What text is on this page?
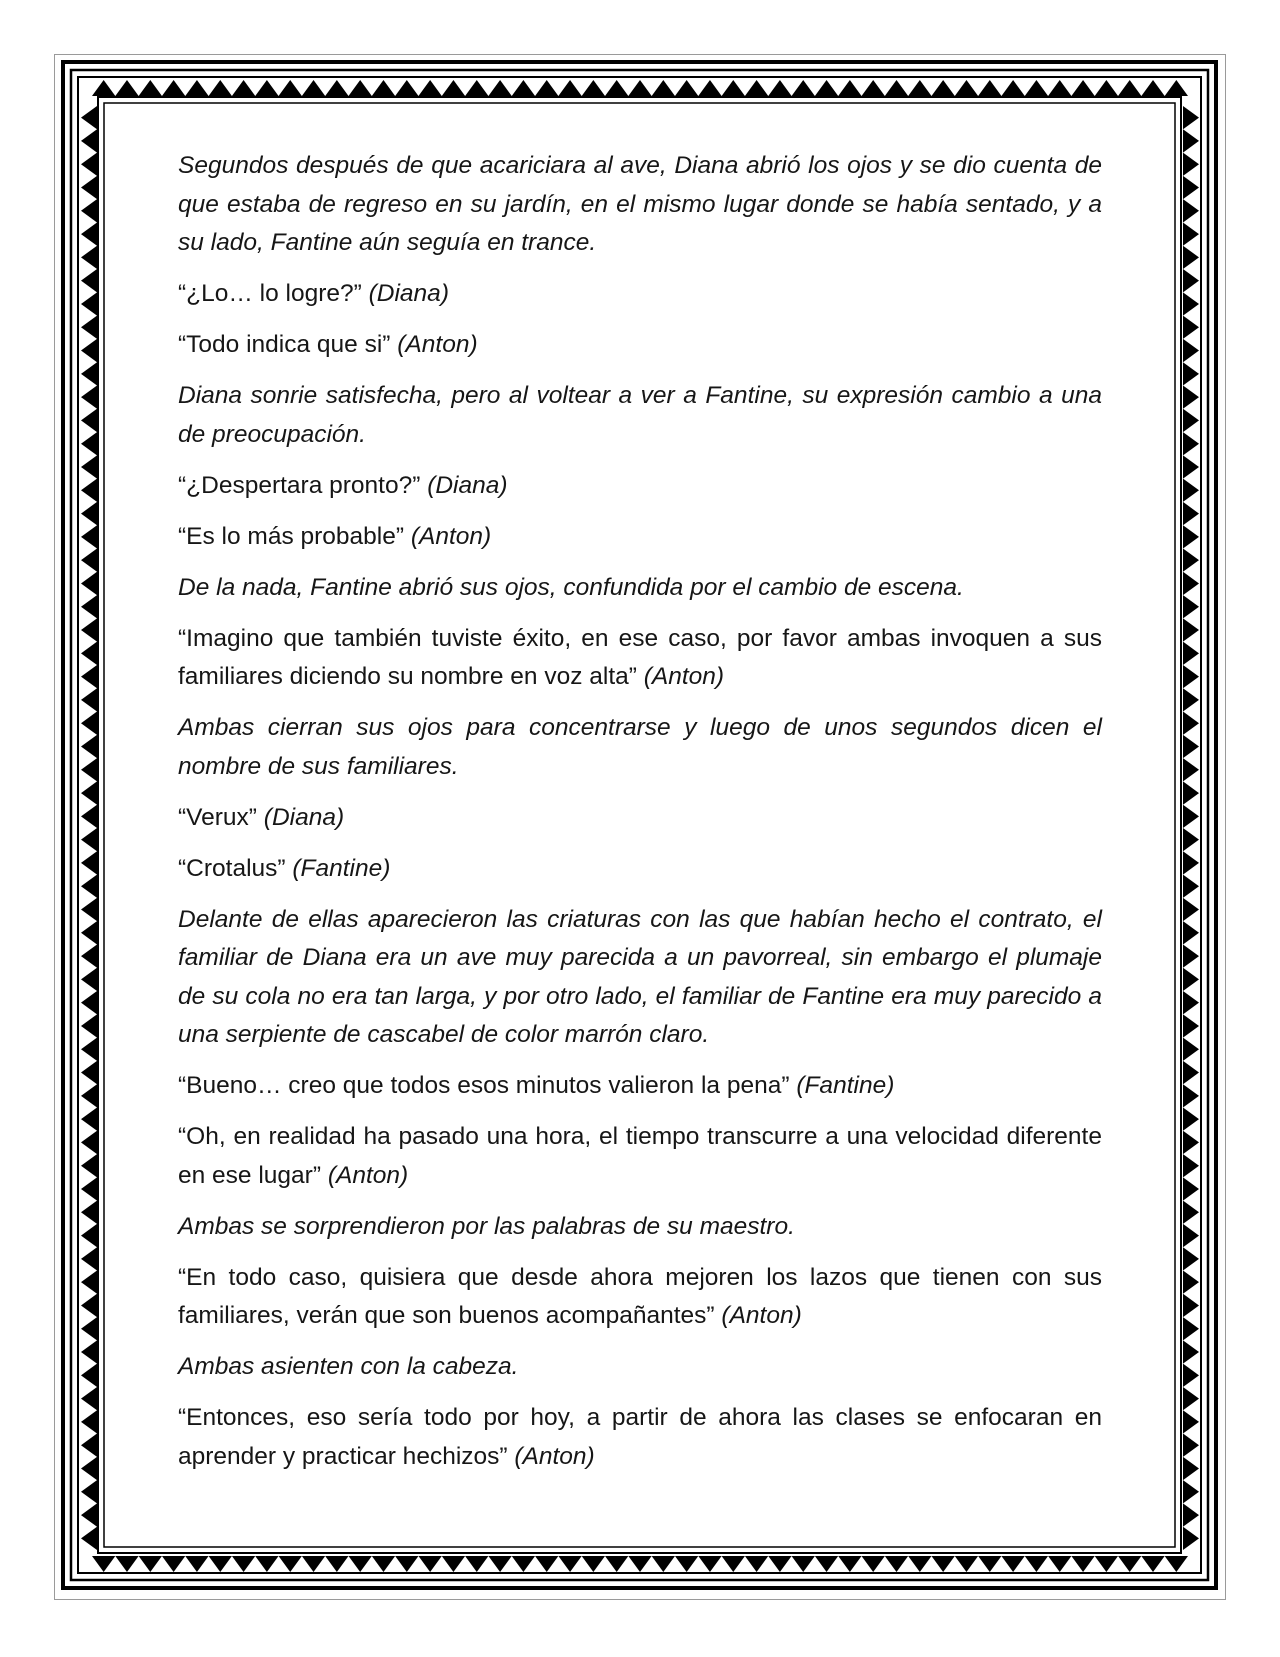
Segundos después de que acariciara al ave, Diana abrió los ojos y se dio cuenta de que estaba de regreso en su jardín, en el mismo lugar donde se había sentado, y a su lado, Fantine aún seguía en trance.

“¿Lo… lo logre?” (Diana)

“Todo indica que si” (Anton)

Diana sonrie satisfecha, pero al voltear a ver a Fantine, su expresión cambio a una de preocupación.

“¿Despertara pronto?” (Diana)

“Es lo más probable” (Anton)

De la nada, Fantine abrió sus ojos, confundida por el cambio de escena.

“Imagino que también tuviste éxito, en ese caso, por favor ambas invoquen a sus familiares diciendo su nombre en voz alta” (Anton)

Ambas cierran sus ojos para concentrarse y luego de unos segundos dicen el nombre de sus familiares.

“Verux” (Diana)

“Crotalus” (Fantine)

Delante de ellas aparecieron las criaturas con las que habían hecho el contrato, el familiar de Diana era un ave muy parecida a un pavorreal, sin embargo el plumaje de su cola no era tan larga, y por otro lado, el familiar de Fantine era muy parecido a una serpiente de cascabel de color marrón claro.

“Bueno… creo que todos esos minutos valieron la pena” (Fantine)

“Oh, en realidad ha pasado una hora, el tiempo transcurre a una velocidad diferente en ese lugar” (Anton)

Ambas se sorprendieron por las palabras de su maestro.

“En todo caso, quisiera que desde ahora mejoren los lazos que tienen con sus familiares, verán que son buenos acompañantes” (Anton)

Ambas asienten con la cabeza.

“Entonces, eso sería todo por hoy, a partir de ahora las clases se enfocaran en aprender y practicar hechizos” (Anton)
